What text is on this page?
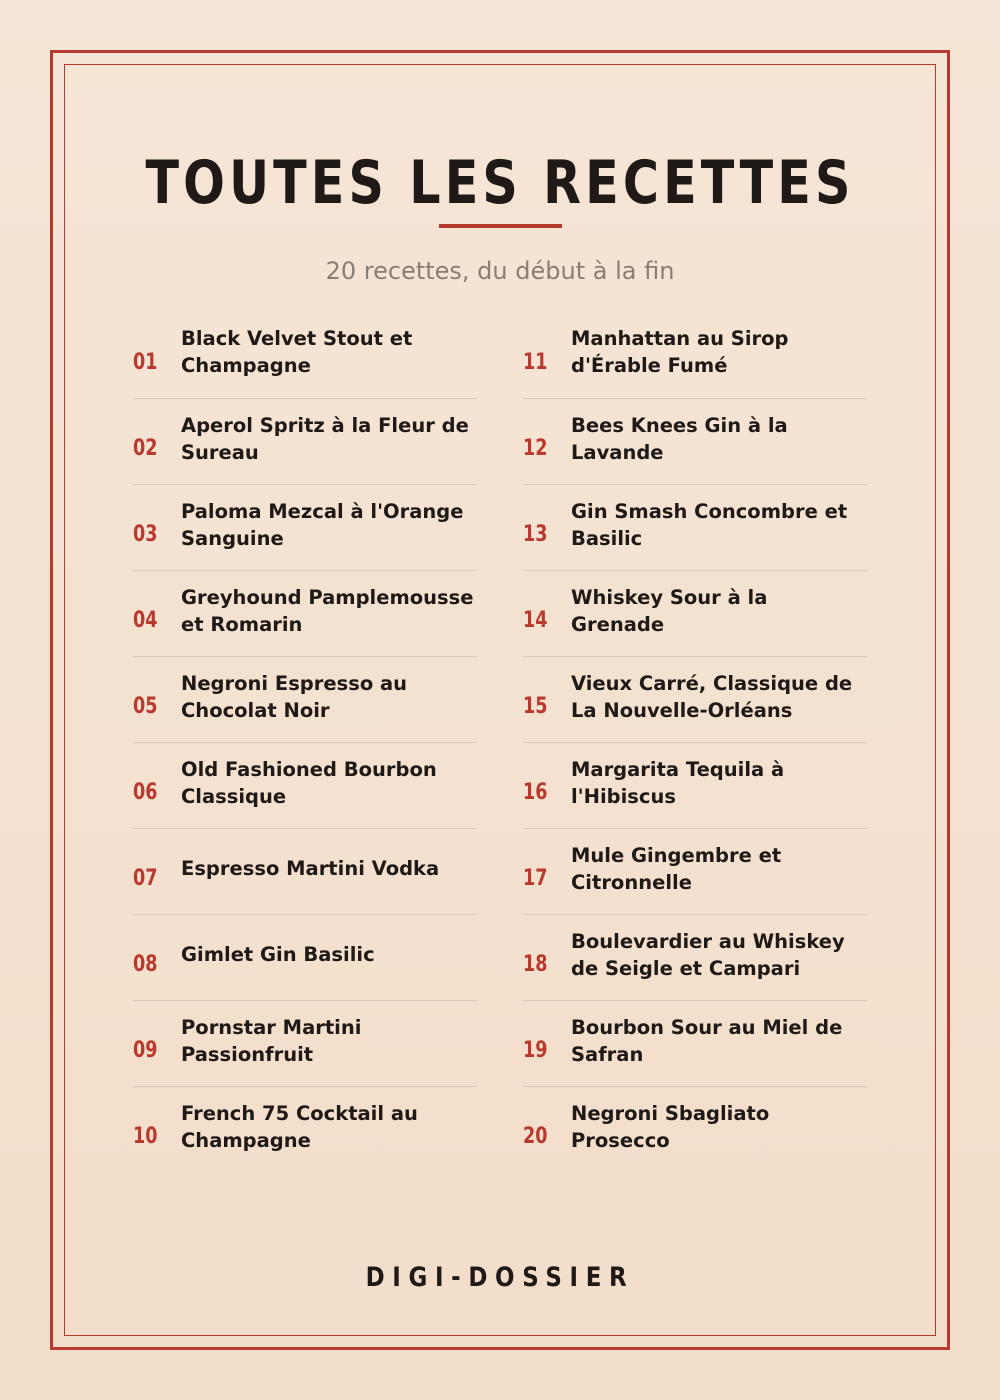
TOUTES LES RECETTES
20 recettes, du début à la fin
01
Black Velvet Stout et Champagne
02
Aperol Spritz à la Fleur de Sureau
03
Paloma Mezcal à l'Orange Sanguine
04
Greyhound Pamplemousse et Romarin
05
Negroni Espresso au Chocolat Noir
06
Old Fashioned Bourbon Classique
07	Espresso Martini Vodka
08	Gimlet Gin Basilic
09
Pornstar Martini Passionfruit
10
French 75 Cocktail au Champagne
11
Manhattan au Sirop d'Érable Fumé
12
Bees Knees Gin à la Lavande
13
Gin Smash Concombre et Basilic
14
Whiskey Sour à la Grenade
15
Vieux Carré, Classique de La Nouvelle-Orléans
16
Margarita Tequila à l'Hibiscus
17
Mule Gingembre et Citronnelle
18
Boulevardier au Whiskey de Seigle et Campari
19
Bourbon Sour au Miel de Safran
20
Negroni Sbagliato Prosecco
DIGI-DOSSIER
